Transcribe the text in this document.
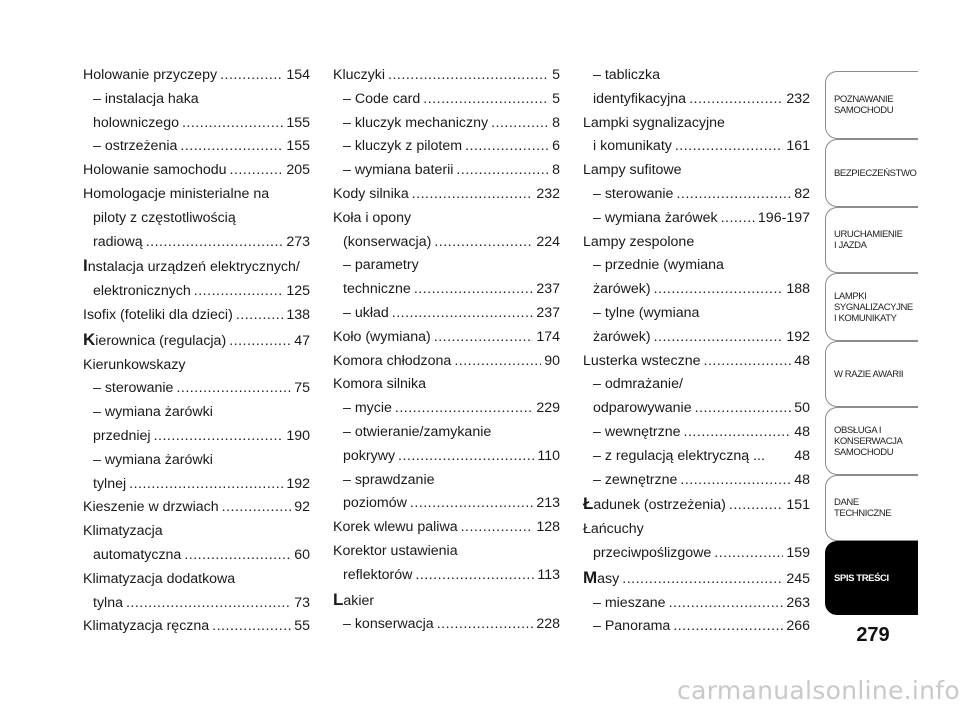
Holowanie przyczepy .....	154
– instalacja haka
holowniczego .....	155
– ostrzeżenia .....	155
Holowanie samochodu .....	205
Homologacje ministerialne na
piloty z częstotliwością
radiową .....	273
Instalacja urządzeń elektrycznych/
elektronicznych .....	125
Isofix (foteliki dla dzieci) .....	138
Kierownica (regulacja) .....	47
Kierunkowskazy
– sterowanie .....	75
– wymiana żarówki
przedniej .....	190
– wymiana żarówki
tylnej .....	192
Kieszenie w drzwiach .....	92
Klimatyzacja
automatyczna .....	60
Klimatyzacja dodatkowa
tylna .....	73
Klimatyzacja ręczna .....	55
Kluczyki .....	5
– Code card .....	5
– kluczyk mechaniczny .....	8
– kluczyk z pilotem .....	6
– wymiana baterii .....	8
Kody silnika .....	232
Koła i opony
(konserwacja) .....	224
– parametry
techniczne .....	237
– układ .....	237
Koło (wymiana) .....	174
Komora chłodzona .....	90
Komora silnika
– mycie .....	229
– otwieranie/zamykanie
pokrywy .....	110
– sprawdzanie
poziomów .....	213
Korek wlewu paliwa .....	128
Korektor ustawienia
reflektorów .....	113
Lakier
– konserwacja .....	228
– tabliczka
identyfikacyjna .....	232
Lampki sygnalizacyjne
i komunikaty .....	161
Lampy sufitowe
– sterowanie .....	82
– wymiana żarówek .....	196-197
Lampy zespolone
– przednie (wymiana
żarówek) .....	188
– tylne (wymiana
żarówek) .....	192
Lusterka wsteczne .....	48
– odmrażanie/
odparowywanie .....	50
– wewnętrzne .....	48
– z regulacją elektryczną ... 48
– zewnętrzne .....	48
Ładunek (ostrzeżenia) .....	151
Łańcuchy
przeciwpoślizgowe .....	159
Masy .....	245
– mieszane .....	263
– Panorama .....	266
POZNAWANIE
SAMOCHODU
BEZPIECZEŃSTWO
URUCHAMIENIE
I JAZDA
LAMPKI
SYGNALIZACYJNE
I KOMUNIKATY
W RAZIE AWARII
OBSŁUGA I
KONSERWACJA
SAMOCHODU
DANE TECHNICZNE
SPIS TREŚCI
279
carmanualsonline.info
